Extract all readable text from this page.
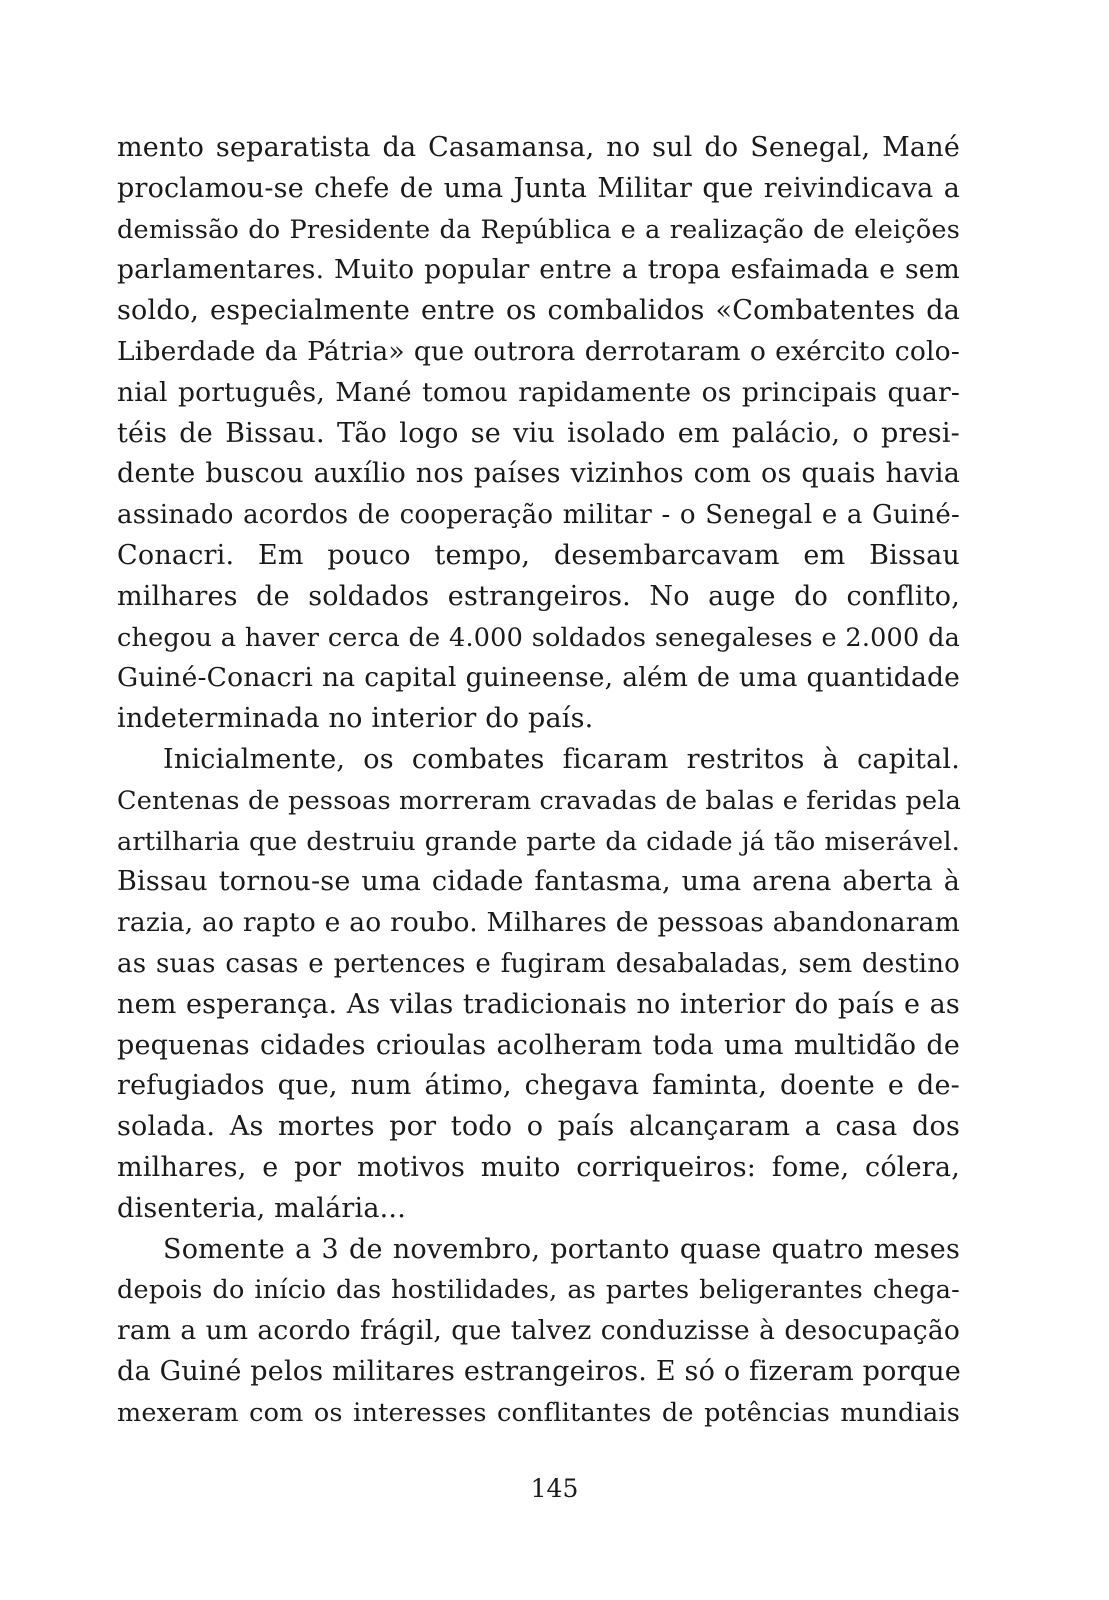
mento separatista da Casamansa, no sul do Senegal, Mané
proclamou-se chefe de uma Junta Militar que reivindicava a
demissão do Presidente da República e a realização de eleições
parlamentares. Muito popular entre a tropa esfaimada e sem
soldo, especialmente entre os combalidos «Combatentes da
Liberdade da Pátria» que outrora derrotaram o exército colo-
nial português, Mané tomou rapidamente os principais quar-
téis de Bissau. Tão logo se viu isolado em palácio, o presi-
dente buscou auxílio nos países vizinhos com os quais havia
assinado acordos de cooperação militar - o Senegal e a Guiné-
Conacri. Em pouco tempo, desembarcavam em Bissau
milhares de soldados estrangeiros. No auge do conflito,
chegou a haver cerca de 4.000 soldados senegaleses e 2.000 da
Guiné-Conacri na capital guineense, além de uma quantidade
indeterminada no interior do país.
Inicialmente, os combates ficaram restritos à capital.
Centenas de pessoas morreram cravadas de balas e feridas pela
artilharia que destruiu grande parte da cidade já tão miserável.
Bissau tornou-se uma cidade fantasma, uma arena aberta à
razia, ao rapto e ao roubo. Milhares de pessoas abandonaram
as suas casas e pertences e fugiram desabaladas, sem destino
nem esperança. As vilas tradicionais no interior do país e as
pequenas cidades crioulas acolheram toda uma multidão de
refugiados que, num átimo, chegava faminta, doente e de-
solada. As mortes por todo o país alcançaram a casa dos
milhares, e por motivos muito corriqueiros: fome, cólera,
disenteria, malária...
Somente a 3 de novembro, portanto quase quatro meses
depois do início das hostilidades, as partes beligerantes chega-
ram a um acordo frágil, que talvez conduzisse à desocupação
da Guiné pelos militares estrangeiros. E só o fizeram porque
mexeram com os interesses conflitantes de potências mundiais
145
